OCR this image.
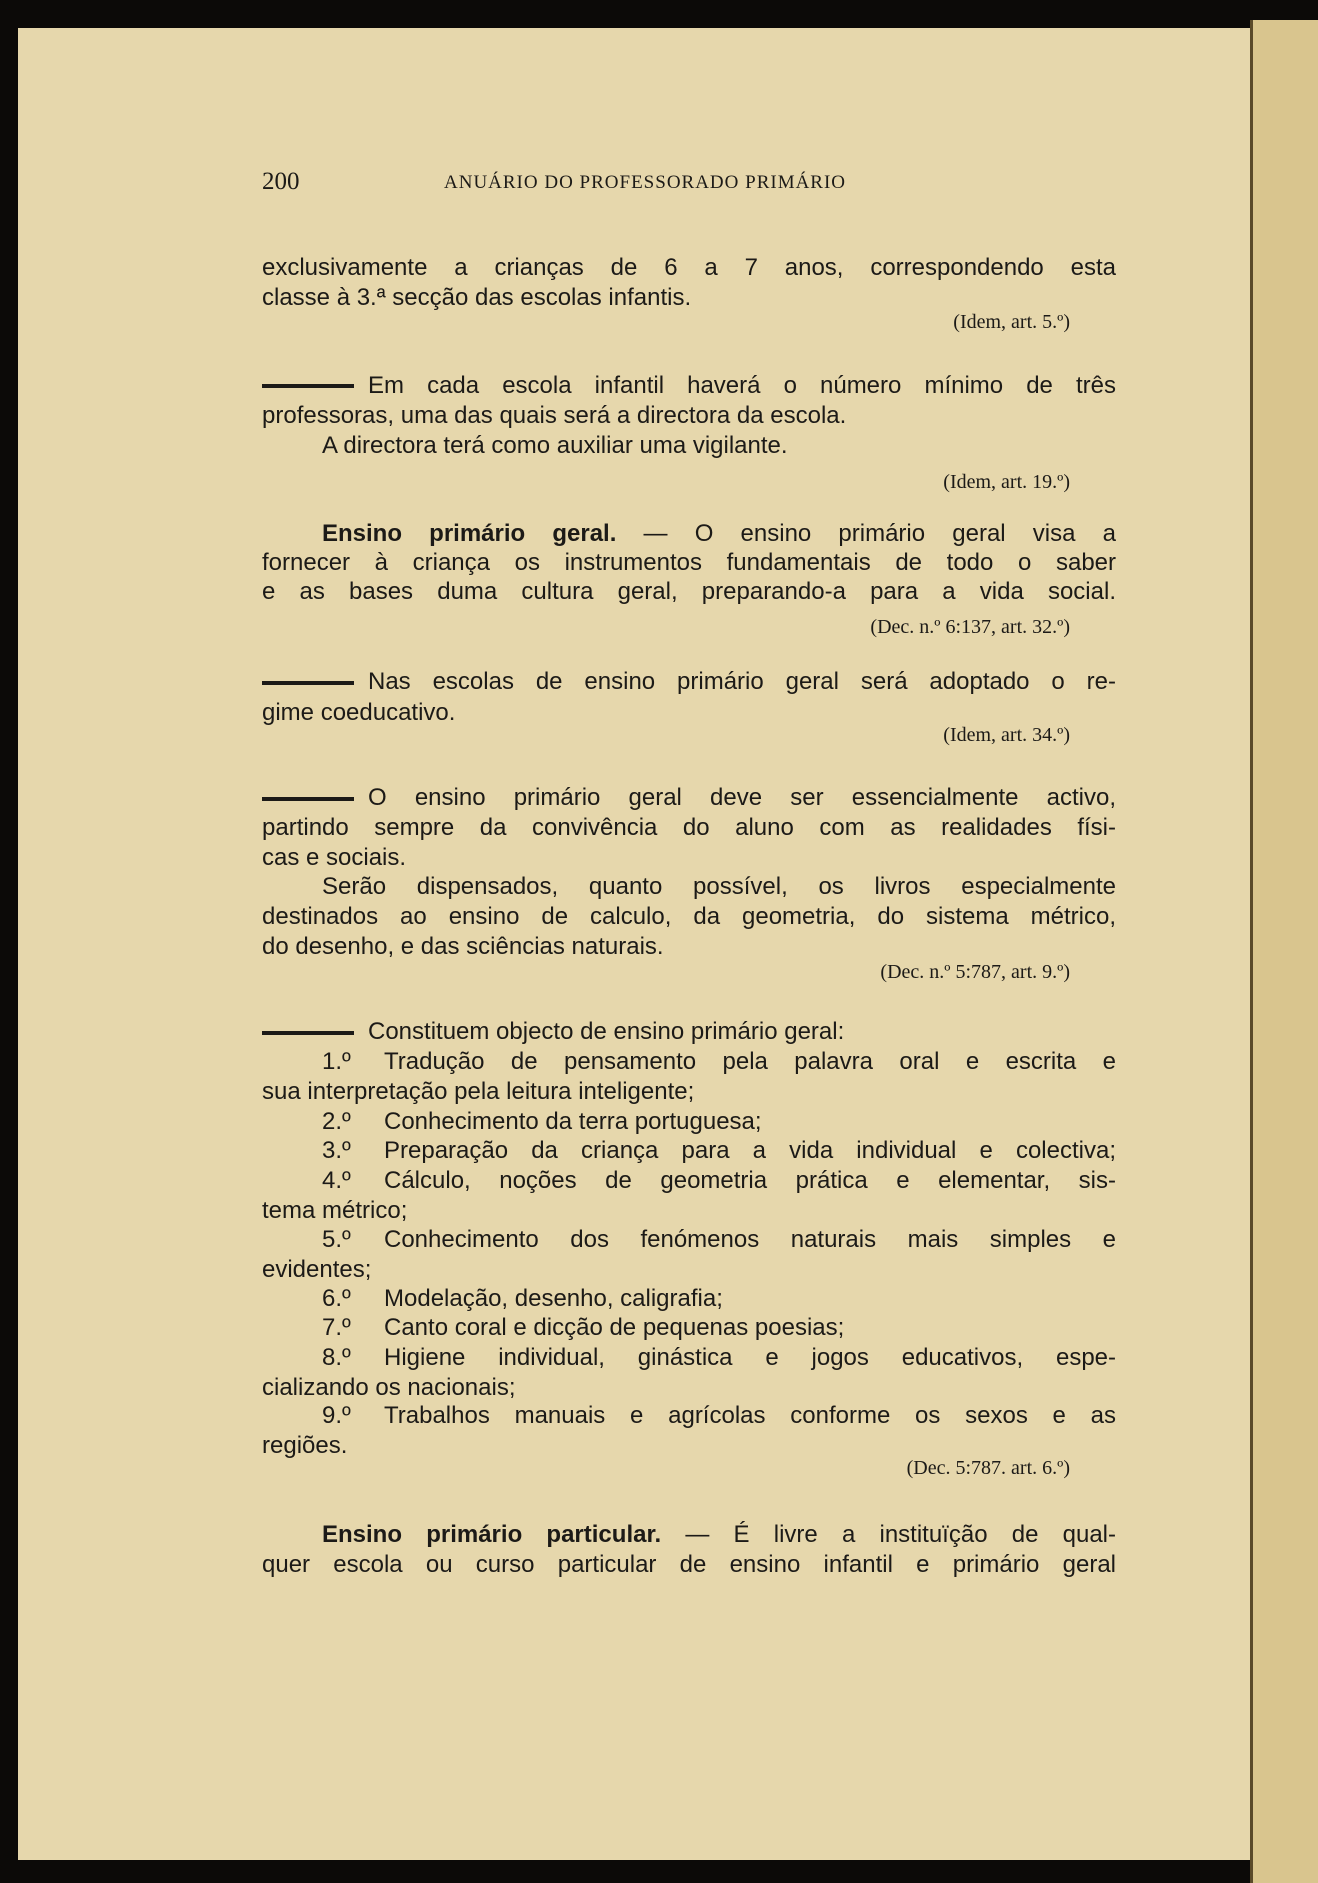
200	ANUÁRIO DO PROFESSORADO PRIMÁRIO
exclusivamente a crianças de 6 a 7 anos, correspondendo esta
classe à 3.ª secção das escolas infantis.
(Idem, art. 5.º)
Em cada escola infantil haverá o número mínimo de três
professoras, uma das quais será a directora da escola.
A directora terá como auxiliar uma vigilante.
(Idem, art. 19.º)
Ensino primário geral. — O ensino primário geral visa a
fornecer à criança os instrumentos fundamentais de todo o saber
e as bases duma cultura geral, preparando-a para a vida social.
(Dec. n.º 6:137, art. 32.º)
Nas escolas de ensino primário geral será adoptado o re-
gime coeducativo.
(Idem, art. 34.º)
O ensino primário geral deve ser essencialmente activo,
partindo sempre da convivência do aluno com as realidades físi-
cas e sociais.
Serão dispensados, quanto possível, os livros especialmente
destinados ao ensino de calculo, da geometria, do sistema métrico,
do desenho, e das sciências naturais.
(Dec. n.º 5:787, art. 9.º)
Constituem objecto de ensino primário geral:
1.º Tradução de pensamento pela palavra oral e escrita e
sua interpretação pela leitura inteligente;
2.º Conhecimento da terra portuguesa;
3.º Preparação da criança para a vida individual e colectiva;
4.º Cálculo, noções de geometria prática e elementar, sis-
tema métrico;
5.º Conhecimento dos fenómenos naturais mais simples e
evidentes;
6.º Modelação, desenho, caligrafia;
7.º Canto coral e dicção de pequenas poesias;
8.º Higiene individual, ginástica e jogos educativos, espe-
cializando os nacionais;
9.º Trabalhos manuais e agrícolas conforme os sexos e as
regiões.
(Dec. 5:787. art. 6.º)
Ensino primário particular. — É livre a instituïção de qual-
quer escola ou curso particular de ensino infantil e primário geral
